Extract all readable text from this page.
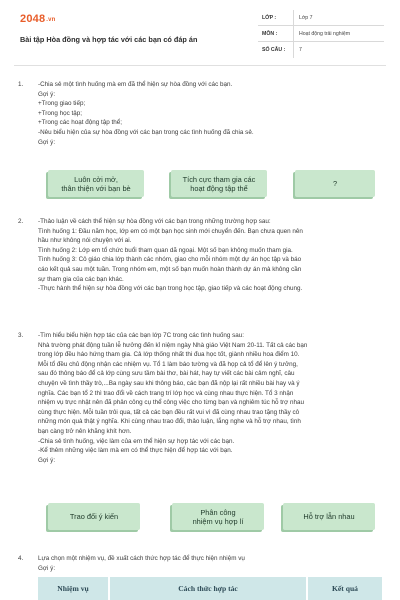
2048.vn
Bài tập Hòa đồng và hợp tác với các bạn có đáp án
LỚP :	Lớp 7
MÔN :	Hoạt động trải nghiệm
SỐ CÂU :	7
1.	-Chia sẻ một tình huống mà em đã thể hiện sự hòa đồng với các bạn.
Gợi ý:
+Trong giao tiếp;
+Trong học tập;
+Trong các hoạt động tập thể;
-Nêu biểu hiện của sự hòa đồng với các bạn trong các tình huống đã chia sẻ.
Gợi ý:
Luôn cởi mở,
thân thiện với bạn bè
Tích cực tham gia các
hoạt động tập thể	?
2.	-Thảo luận về cách thể hiện sự hòa đồng với các bạn trong những trường hợp sau:
Tình huống 1: Đầu năm học, lớp em có một bạn học sinh mới chuyển đến. Bạn chưa quen nên
hầu như không nói chuyện với ai.
Tình huống 2: Lớp em tổ chức buổi tham quan dã ngoại. Một số bạn không muốn tham gia.
Tình huống 3: Cô giáo chia lớp thành các nhóm, giao cho mỗi nhóm một dự án học tập và báo
cáo kết quả sau một tuần. Trong nhóm em, một số bạn muốn hoàn thành dự án mà không cần
sự tham gia của các bạn khác.
-Thực hành thể hiện sự hòa đồng với các bạn trong học tập, giao tiếp và các hoạt động chung.
3.	-Tìm hiểu biểu hiện hợp tác của các bạn lớp 7C trong các tình huống sau:
Nhà trường phát động tuần lễ hưởng đến kỉ niệm ngày Nhà giáo Việt Nam 20-11. Tất cả các bạn
trong lớp đều háo hứng tham gia. Cả lớp thống nhất thi đua học tốt, giành nhiều hoa điểm 10.
Mỗi tổ đều chủ động nhận các nhiệm vụ. Tổ 1 làm báo tường và đã họp cả tổ để lên ý tưởng,
sau đó thông báo để cả lớp cùng sưu tầm bài thơ, bài hát, hay tự viết các bài cảm nghĩ, câu
chuyện về tình thầy trò,...Ba ngày sau khi thông báo, các bạn đã nộp lại rất nhiều bài hay và ý
nghĩa. Các bạn tổ 2 thì trao đổi về cách trang trí lớp học và cùng nhau thực hiện. Tổ 3 nhận
nhiệm vụ trực nhật nên đã phân công cụ thể công việc cho từng bạn và nghiêm túc hỗ trợ nhau
cùng thực hiện. Mỗi tuần trôi qua, tất cả các bạn đều rất vui vì đã cùng nhau trao tặng thầy cô
những món quà thật ý nghĩa. Khi cùng nhau trao đổi, thảo luận, lắng nghe và hỗ trợ nhau, tình
bạn càng trở nên khăng khít hơn.
-Chia sẻ tình huống, việc làm của em thể hiện sự hợp tác với các bạn.
-Kể thêm những việc làm mà em có thể thực hiện để hợp tác với bạn.
Gợi ý:
Trao đổi ý kiến	Phân công
nhiệm vụ hợp lí	Hỗ trợ lẫn nhau
4.	Lựa chọn một nhiệm vụ, đề xuất cách thức hợp tác để thực hiện nhiệm vụ
Gợi ý:
Nhiệm vụ	Cách thức hợp tác	Kết quả
